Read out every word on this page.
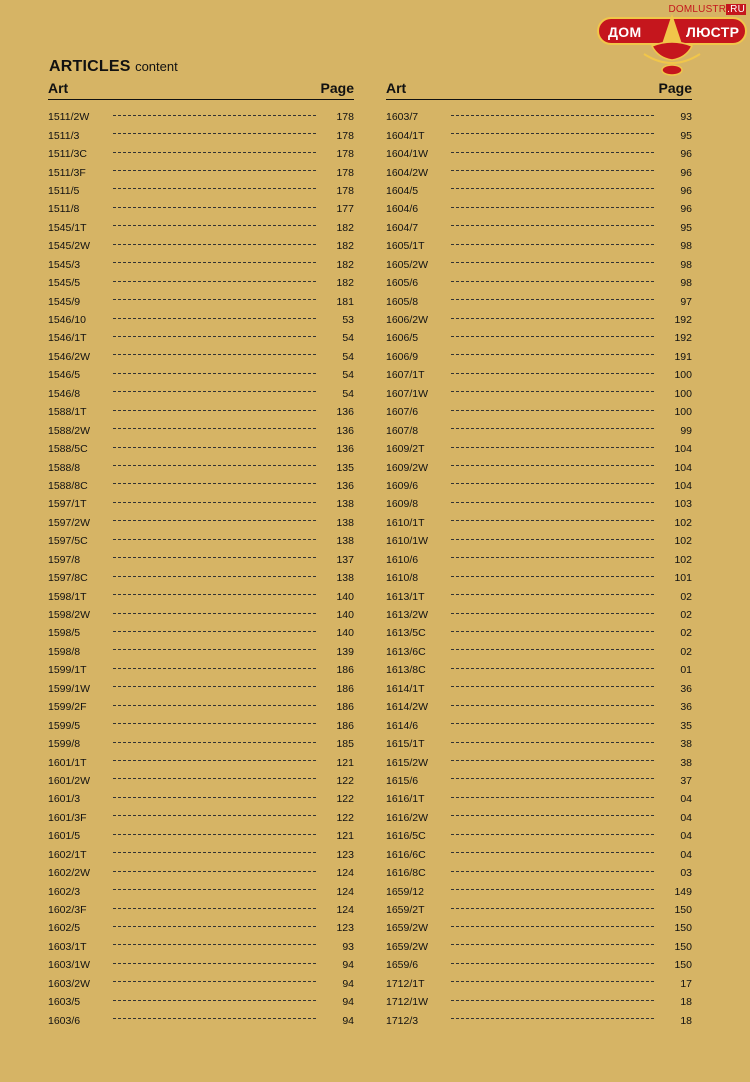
DOMLUSTR.RU
ДОМ	ЛЮСТР
ARTICLES content
Art	Page
1511/2W	178
1511/3	178
1511/3C	178
1511/3F	178
1511/5	178
1511/8	177
1545/1T	182
1545/2W	182
1545/3	182
1545/5	182
1545/9	181
1546/10	53
1546/1T	54
1546/2W	54
1546/5	54
1546/8	54
1588/1T	136
1588/2W	136
1588/5C	136
1588/8	135
1588/8C	136
1597/1T	138
1597/2W	138
1597/5C	138
1597/8	137
1597/8C	138
1598/1T	140
1598/2W	140
1598/5	140
1598/8	139
1599/1T	186
1599/1W	186
1599/2F	186
1599/5	186
1599/8	185
1601/1T	121
1601/2W	122
1601/3	122
1601/3F	122
1601/5	121
1602/1T	123
1602/2W	124
1602/3	124
1602/3F	124
1602/5	123
1603/1T	93
1603/1W	94
1603/2W	94
1603/5	94
1603/6	94
Art	Page
1603/7	93
1604/1T	95
1604/1W	96
1604/2W	96
1604/5	96
1604/6	96
1604/7	95
1605/1T	98
1605/2W	98
1605/6	98
1605/8	97
1606/2W	192
1606/5	192
1606/9	191
1607/1T	100
1607/1W	100
1607/6	100
1607/8	99
1609/2T	104
1609/2W	104
1609/6	104
1609/8	103
1610/1T	102
1610/1W	102
1610/6	102
1610/8	101
1613/1T	02
1613/2W	02
1613/5C	02
1613/6C	02
1613/8C	01
1614/1T	36
1614/2W	36
1614/6	35
1615/1T	38
1615/2W	38
1615/6	37
1616/1T	04
1616/2W	04
1616/5C	04
1616/6C	04
1616/8C	03
1659/12	149
1659/2T	150
1659/2W	150
1659/2W	150
1659/6	150
1712/1T	17
1712/1W	18
1712/3	18
